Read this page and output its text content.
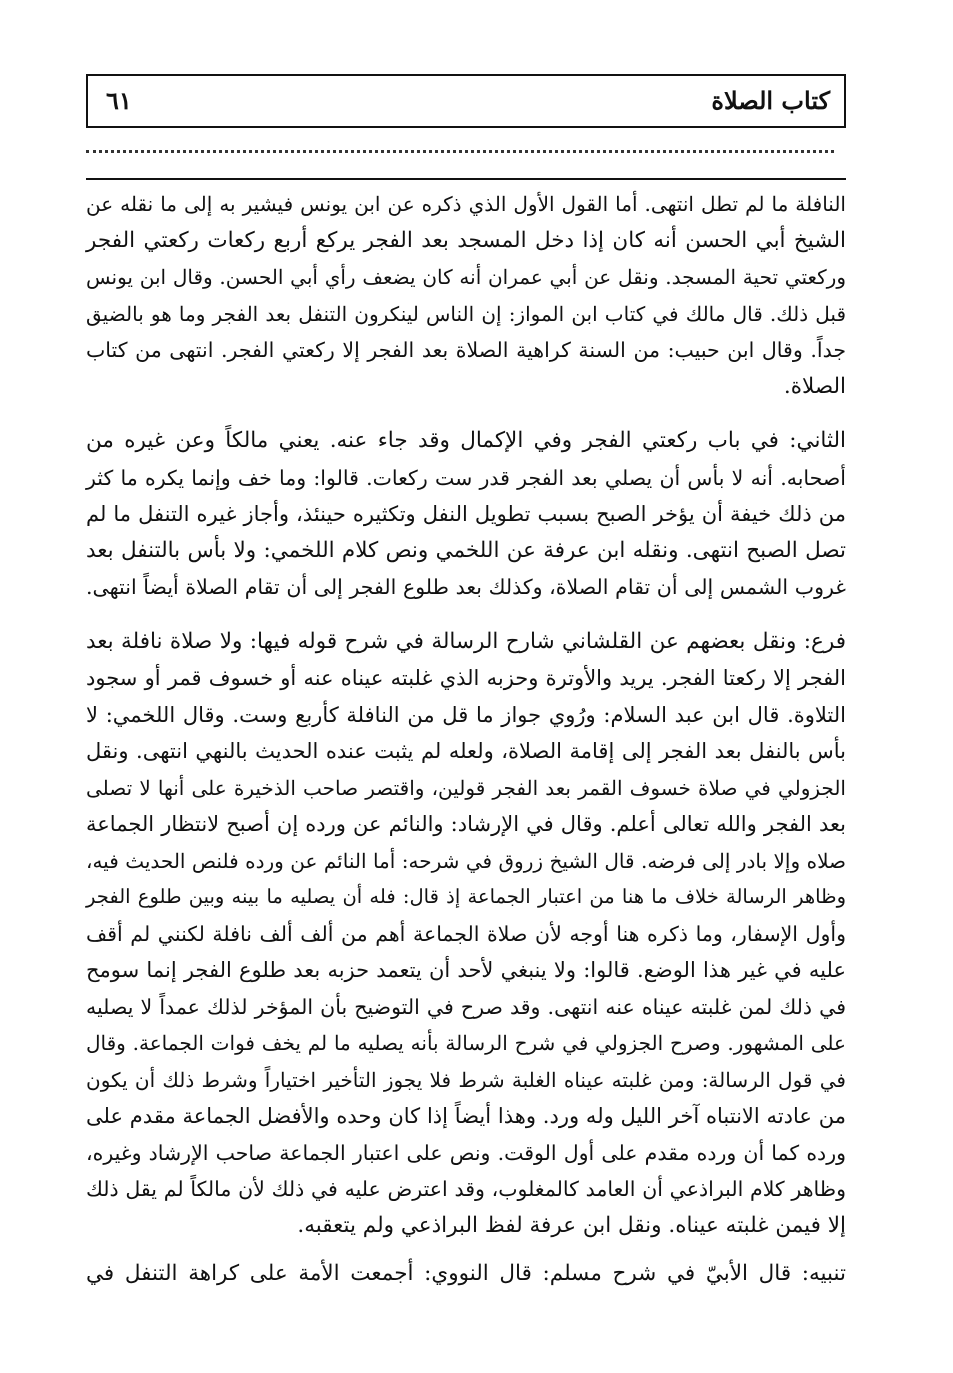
كتاب الصلاة
٦١

النافلة ما لم تطل انتهى. أما القول الأول الذي ذكره عن ابن يونس فيشير به إلى ما نقله عن
الشيخ أبي الحسن أنه كان إذا دخل المسجد بعد الفجر يركع أربع ركعات ركعتي الفجر
وركعتي تحية المسجد. ونقل عن أبي عمران أنه كان يضعف رأي أبي الحسن. وقال ابن يونس
قبل ذلك. قال مالك في كتاب ابن المواز: إن الناس لينكرون التنفل بعد الفجر وما هو بالضيق
جداً. وقال ابن حبيب: من السنة كراهية الصلاة بعد الفجر إلا ركعتي الفجر. انتهى من كتاب
الصلاة.

الثاني: في باب ركعتي الفجر وفي الإكمال وقد جاء عنه. يعني مالكاً وعن غيره من
أصحابه. أنه لا بأس أن يصلي بعد الفجر قدر ست ركعات. قالوا: وما خف وإنما يكره ما كثر
من ذلك خيفة أن يؤخر الصبح بسبب تطويل النفل وتكثيره حينئذ، وأجاز غيره التنفل ما لم
تصل الصبح انتهى. ونقله ابن عرفة عن اللخمي ونص كلام اللخمي: ولا بأس بالتنفل بعد
غروب الشمس إلى أن تقام الصلاة، وكذلك بعد طلوع الفجر إلى أن تقام الصلاة أيضاً انتهى.

فرع: ونقل بعضهم عن القلشاني شارح الرسالة في شرح قوله فيها: ولا صلاة نافلة بعد
الفجر إلا ركعتا الفجر. يريد والأوترة وحزبه الذي غلبته عيناه عنه أو خسوف قمر أو سجود
التلاوة. قال ابن عبد السلام: ورُوي جواز ما قل من النافلة كأربع وست. وقال اللخمي: لا
بأس بالنفل بعد الفجر إلى إقامة الصلاة، ولعله لم يثبت عنده الحديث بالنهي انتهى. ونقل
الجزولي في صلاة خسوف القمر بعد الفجر قولين، واقتصر صاحب الذخيرة على أنها لا تصلى
بعد الفجر والله تعالى أعلم. وقال في الإرشاد: والنائم عن ورده إن أصبح لانتظار الجماعة
صلاه وإلا بادر إلى فرضه. قال الشيخ زروق في شرحه: أما النائم عن ورده فلنص الحديث فيه،
وظاهر الرسالة خلاف ما هنا من اعتبار الجماعة إذ قال: فله أن يصليه ما بينه وبين طلوع الفجر
وأول الإسفار، وما ذكره هنا أوجه لأن صلاة الجماعة أهم من ألف ألف نافلة لكنني لم أقف
عليه في غير هذا الوضع. قالوا: ولا ينبغي لأحد أن يتعمد حزبه بعد طلوع الفجر إنما سومح
في ذلك لمن غلبته عيناه عنه انتهى. وقد صرح في التوضيح بأن المؤخر لذلك عمداً لا يصليه
على المشهور. وصرح الجزولي في شرح الرسالة بأنه يصليه ما لم يخف فوات الجماعة. وقال
في قول الرسالة: ومن غلبته عيناه الغلبة شرط فلا يجوز التأخير اختياراً وشرط ذلك أن يكون
من عادته الانتباه آخر الليل وله ورد. وهذا أيضاً إذا كان وحده والأفضل الجماعة مقدم على
ورده كما أن ورده مقدم على أول الوقت. ونص على اعتبار الجماعة صاحب الإرشاد وغيره،
وظاهر كلام البراذعي أن العامد كالمغلوب، وقد اعترض عليه في ذلك لأن مالكاً لم يقل ذلك
إلا فيمن غلبته عيناه. ونقل ابن عرفة لفظ البراذعي ولم يتعقبه.

تنبيه: قال الأبيّ في شرح مسلم: قال النووي: أجمعت الأمة على كراهة التنفل في
